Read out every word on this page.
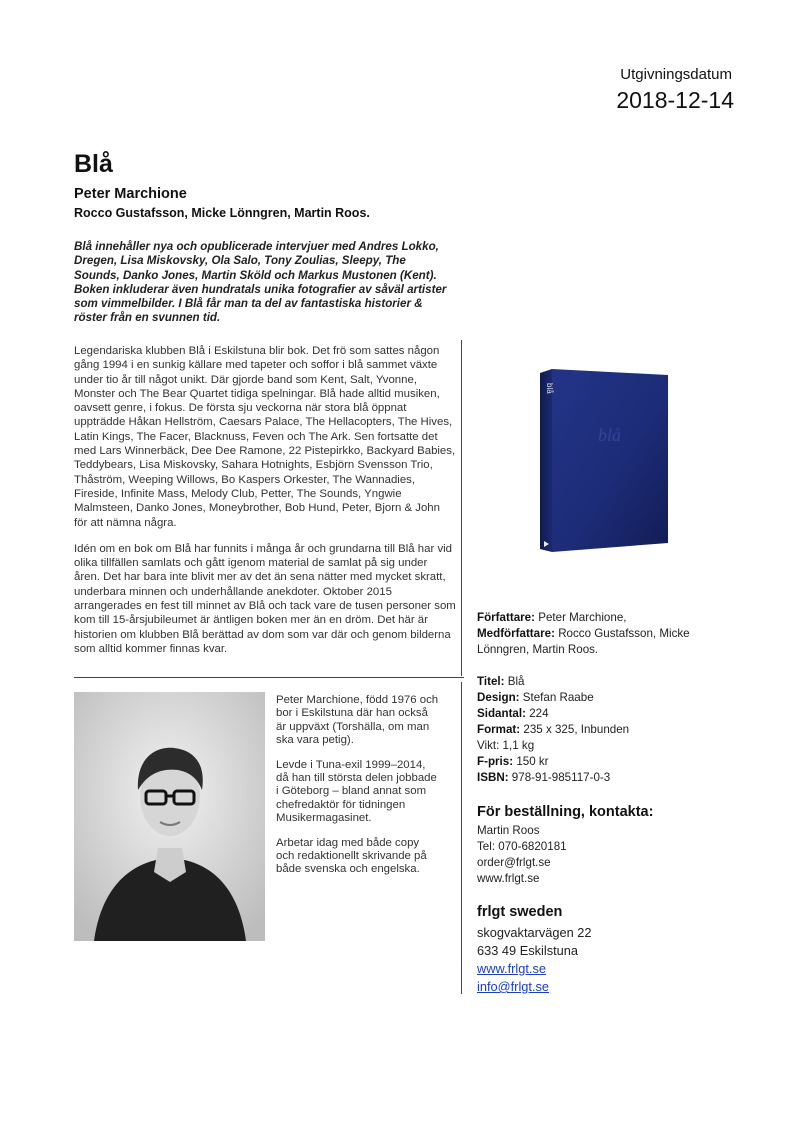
Utgivningsdatum
2018-12-14
Blå
Peter Marchione
Rocco Gustafsson, Micke Lönngren, Martin Roos.

Blå innehåller nya och opublicerade intervjuer med Andres Lokko, Dregen, Lisa Miskovsky, Ola Salo, Tony Zoulias, Sleepy, The Sounds, Danko Jones, Martin Sköld och Markus Mustonen (Kent). Boken inkluderar även hundratals unika fotografier av såväl artister som vimmelbilder. I Blå får man ta del av fantastiska historier & röster från en svunnen tid.

Legendariska klubben Blå i Eskilstuna blir bok. Det frö som sattes någon gång 1994 i en sunkig källare med tapeter och soffor i blå sammet växte under tio år till något unikt. Där gjorde band som Kent, Salt, Yvonne, Monster och The Bear Quartet tidiga spelningar. Blå hade alltid musiken, oavsett genre, i fokus. De första sju veckorna när stora blå öppnat uppträdde Håkan Hellström, Caesars Palace, The Hellacopters, The Hives, Latin Kings, The Facer, Blacknuss, Feven och The Ark. Sen fortsatte det med Lars Winnerbäck, Dee Dee Ramone, 22 Pistepirkko, Backyard Babies, Teddybears, Lisa Miskovsky, Sahara Hotnights, Esbjörn Svensson Trio, Thåström, Weeping Willows, Bo Kaspers Orkester, The Wannadies, Fireside, Infinite Mass, Melody Club, Petter, The Sounds, Yngwie Malmsteen, Danko Jones, Moneybrother, Bob Hund, Peter, Bjorn & John för att nämna några.

Idén om en bok om Blå har funnits i många år och grundarna till Blå har vid olika tillfällen samlats och gått igenom material de samlat på sig under åren. Det har bara inte blivit mer av det än sena nätter med mycket skratt, underbara minnen och underhållande anekdoter. Oktober 2015 arrangerades en fest till minnet av Blå och tack vare de tusen personer som kom till 15-årsjubileumet är äntligen boken mer än en dröm. Det här är historien om klubben Blå berättad av dom som var där och genom bilderna som alltid kommer finnas kvar.

blå
blå

Peter Marchione, född 1976 och bor i Eskilstuna där han också är uppväxt (Torshälla, om man ska vara petig).

Levde i Tuna-exil 1999–2014, då han till största delen jobbade i Göteborg – bland annat som chefredaktör för tidningen Musikermagasinet.

Arbetar idag med både copy och redaktionellt skrivande på både svenska och engelska.

Författare: Peter Marchione,
Medförfattare: Rocco Gustafsson, Micke
Lönngren, Martin Roos.
Titel: Blå
Design: Stefan Raabe
Sidantal: 224
Format: 235 x 325, Inbunden
Vikt: 1,1 kg
F-pris: 150 kr
ISBN: 978-91-985117-0-3
För beställning, kontakta:
Martin Roos
Tel: 070-6820181
order@frlgt.se
www.frlgt.se
frlgt sweden
skogvaktarvägen 22
633 49 Eskilstuna
www.frlgt.se
info@frlgt.se
